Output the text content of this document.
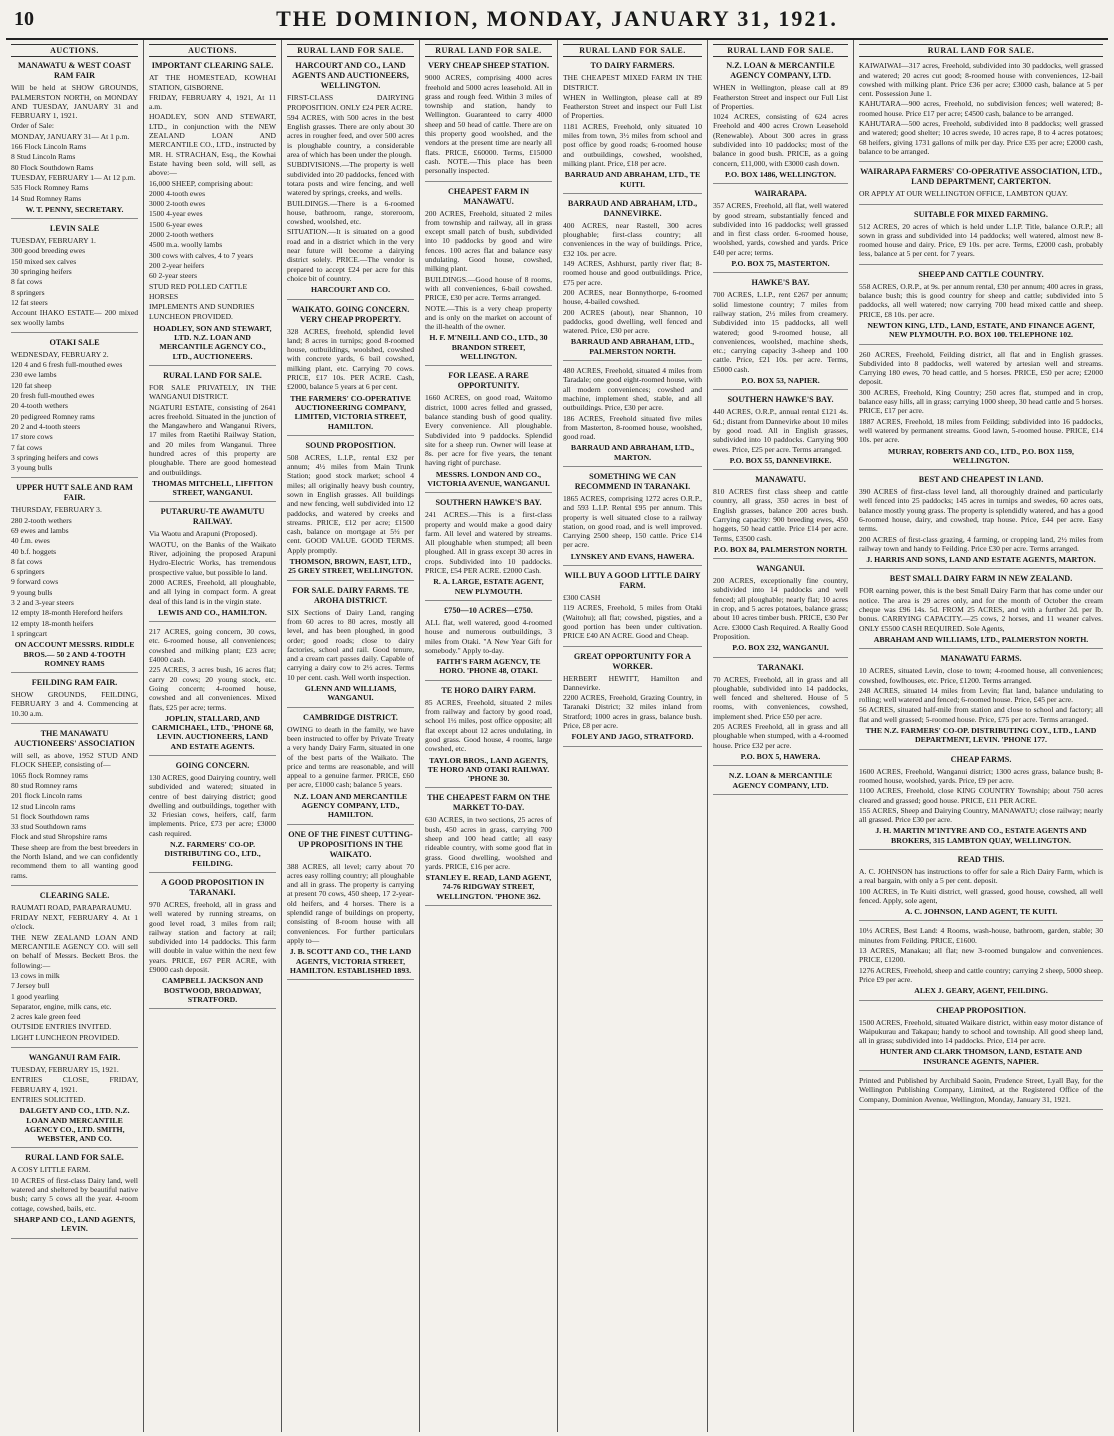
10	THE DOMINION, MONDAY, JANUARY 31, 1921.
AUCTIONS.
MANAWATU & WEST COAST RAM FAIR

Will be held at SHOW GROUNDS, PALMERSTON NORTH, on MONDAY AND TUESDAY, JANUARY 31 and FEBRUARY 1, 1921.

Order of Sale:

MONDAY, JANUARY 31— At 1 p.m.

166 Flock Lincoln Rams

8 Stud Lincoln Rams

80 Flock Southdown Rams

TUESDAY, FEBRUARY 1— At 12 p.m.

535 Flock Romney Rams

14 Stud Romney Rams

W. T. PENNY, SECRETARY.
LEVIN SALE

TUESDAY, FEBRUARY 1.

300 good breeding ewes

150 mixed sex calves

30 springing heifers

8 fat cows

8 springers

12 fat steers

Account IHAKO ESTATE— 200 mixed sex woolly lambs

OTAKI SALE

WEDNESDAY, FEBRUARY 2.

120 4 and 6 fresh full-mouthed ewes

230 ewe lambs

120 fat sheep

20 fresh full-mouthed ewes

20 4-tooth wethers

20 pedigreed Romney rams

20 2 and 4-tooth steers

17 store cows

7 fat cows

3 springing heifers and cows

3 young bulls

UPPER HUTT SALE AND RAM FAIR.

THURSDAY, FEBRUARY 3.

280 2-tooth wethers

69 ewes and lambs

40 f.m. ewes

40 b.f. hoggets

8 fat cows

6 springers

9 forward cows

9 young bulls

3 2 and 3-year steers

12 empty 18-month Hereford heifers

12 empty 18-month heifers

1 springcart

ON ACCOUNT MESSRS. RIDDLE BROS.— 50 2 AND 4-TOOTH ROMNEY RAMS
FEILDING RAM FAIR.

SHOW GROUNDS, FEILDING, FEBRUARY 3 and 4. Commencing at 10.30 a.m.

THE MANAWATU AUCTIONEERS' ASSOCIATION

will sell, as above, 1952 STUD AND FLOCK SHEEP, consisting of—

1065 flock Romney rams

80 stud Romney rams

201 flock Lincoln rams

12 stud Lincoln rams

51 flock Southdown rams

33 stud Southdown rams

Flock and stud Shropshire rams

These sheep are from the best breeders in the North Island, and we can confidently recommend them to all wanting good rams.

CLEARING SALE.

RAUMATI ROAD, PARAPARAUMU.

FRIDAY NEXT, FEBRUARY 4. At 1 o'clock.

THE NEW ZEALAND LOAN AND MERCANTILE AGENCY CO. will sell on behalf of Messrs. Beckett Bros. the following:—

13 cows in milk

7 Jersey bull

1 good yearling

Separator, engine, milk cans, etc.

2 acres kale green feed

OUTSIDE ENTRIES INVITED.

LIGHT LUNCHEON PROVIDED.

WANGANUI RAM FAIR.

TUESDAY, FEBRUARY 15, 1921.

ENTRIES CLOSE, FRIDAY, FEBRUARY 4, 1921.

ENTRIES SOLICITED.

DALGETY AND CO., LTD. N.Z. LOAN AND MERCANTILE AGENCY CO., LTD. SMITH, WEBSTER, AND CO.
RURAL LAND FOR SALE.

A COSY LITTLE FARM.

10 ACRES of first-class Dairy land, well watered and sheltered by beautiful native bush; carry 5 cows all the year. 4-room cottage, cowshed, bails, etc.

SHARP AND CO., LAND AGENTS, LEVIN.
AUCTIONS.
IMPORTANT CLEARING SALE.

AT THE HOMESTEAD, KOWHAI STATION, GISBORNE.

FRIDAY, FEBRUARY 4, 1921, At 11 a.m.

HOADLEY, SON AND STEWART, LTD., in conjunction with the NEW ZEALAND LOAN AND MERCANTILE CO., LTD., instructed by MR. H. STRACHAN, Esq., the Kowhai Estate having been sold, will sell, as above:—

16,000 SHEEP, comprising about:

2000 4-tooth ewes

3000 2-tooth ewes

1500 4-year ewes

1500 6-year ewes

2000 2-tooth wethers

4500 m.a. woolly lambs

300 cows with calves, 4 to 7 years

200 2-year heifers

60 2-year steers

STUD RED POLLED CATTLE

HORSES

IMPLEMENTS AND SUNDRIES

LUNCHEON PROVIDED.

HOADLEY, SON AND STEWART, LTD. N.Z. LOAN AND MERCANTILE AGENCY CO., LTD., AUCTIONEERS.
RURAL LAND FOR SALE.

FOR SALE PRIVATELY, IN THE WANGANUI DISTRICT.

NGATURI ESTATE, consisting of 2641 acres freehold. Situated in the junction of the Mangawhero and Wanganui Rivers, 17 miles from Raetihi Railway Station, and 20 miles from Wanganui. Three hundred acres of this property are ploughable. There are good homestead and outbuildings.

THOMAS MITCHELL, LIFFITON STREET, WANGANUI.
PUTARURU-TE AWAMUTU RAILWAY.

Via Waotu and Arapuni (Proposed).

WAOTU, on the Banks of the Waikato River, adjoining the proposed Arapuni Hydro-Electric Works, has tremendous prospective value, but possible lo land.

2000 ACRES, Freehold, all ploughable, and all lying in compact form. A great deal of this land is in the virgin state.

LEWIS AND CO., HAMILTON.

217 ACRES, going concern, 30 cows, etc. 6-roomed house, all conveniences; cowshed and milking plant; £23 acre; £4000 cash.

225 ACRES, 3 acres bush, 16 acres flat; carry 20 cows; 20 young stock, etc. Going concern; 4-roomed house, cowshed and all conveniences. Mixed flats, £25 per acre; terms.

JOPLIN, STALLARD, AND CARMICHAEL, LTD., 'PHONE 68, LEVIN. AUCTIONEERS, LAND AND ESTATE AGENTS.
GOING CONCERN.

130 ACRES, good Dairying country, well subdivided and watered; situated in centre of best dairying district; good dwelling and outbuildings, together with 32 Friesian cows, heifers, calf, farm implements. Price, £73 per acre; £3000 cash required.

N.Z. FARMERS' CO-OP. DISTRIBUTING CO., LTD., FEILDING.
A GOOD PROPOSITION IN TARANAKI.

970 ACRES, freehold, all in grass and well watered by running streams, on good level road, 3 miles from rail; railway station and factory at rail; subdivided into 14 paddocks. This farm will double in value within the next few years. PRICE, £67 PER ACRE, with £9000 cash deposit.

CAMPBELL JACKSON AND BOSTWOOD, BROADWAY, STRATFORD.
RURAL LAND FOR SALE.
HARCOURT AND CO., LAND AGENTS AND AUCTIONEERS, WELLINGTON.

FIRST-CLASS DAIRYING PROPOSITION. ONLY £24 PER ACRE.

594 ACRES, with 500 acres in the best English grasses. There are only about 30 acres in rougher feed, and over 500 acres is ploughable country, a considerable area of which has been under the plough.

SUBDIVISIONS.—The property is well subdivided into 20 paddocks, fenced with totara posts and wire fencing, and well watered by springs, creeks, and wells.

BUILDINGS.—There is a 6-roomed house, bathroom, range, storeroom, cowshed, woolshed, etc.

SITUATION.—It is situated on a good road and in a district which in the very near future will become a dairying district solely. PRICE.—The vendor is prepared to accept £24 per acre for this choice bit of country.

HARCOURT AND CO.
WAIKATO. GOING CONCERN. VERY CHEAP PROPERTY.

328 ACRES, freehold, splendid level land; 8 acres in turnips; good 8-roomed house, outbuildings, woolshed, cowshed with concrete yards, 6 bail cowshed, milking plant, etc. Carrying 70 cows. PRICE, £17 10s. PER ACRE. Cash, £2000, balance 5 years at 6 per cent.

THE FARMERS' CO-OPERATIVE AUCTIONEERING COMPANY, LIMITED, VICTORIA STREET, HAMILTON.
SOUND PROPOSITION.

508 ACRES, L.I.P., rental £32 per annum; 4½ miles from Main Trunk Station; good stock market; school 4 miles; all originally heavy bush country, sown in English grasses. All buildings and new fencing, well subdivided into 12 paddocks, and watered by creeks and streams. PRICE, £12 per acre; £1500 cash, balance on mortgage at 5½ per cent. GOOD VALUE. GOOD TERMS. Apply promptly.

THOMSON, BROWN, EAST, LTD., 25 GREY STREET, WELLINGTON.
FOR SALE. DAIRY FARMS. TE AROHA DISTRICT.

SIX Sections of Dairy Land, ranging from 60 acres to 80 acres, mostly all level, and has been ploughed, in good order; good roads; close to dairy factories, school and rail. Good tenure, and a cream cart passes daily. Capable of carrying a dairy cow to 2½ acres. Terms 10 per cent. cash. Well worth inspection.

GLENN AND WILLIAMS, WANGANUI.
CAMBRIDGE DISTRICT.

OWING to death in the family, we have been instructed to offer by Private Treaty a very handy Dairy Farm, situated in one of the best parts of the Waikato. The price and terms are reasonable, and will appeal to a genuine farmer. PRICE, £60 per acre, £1000 cash; balance 5 years.

N.Z. LOAN AND MERCANTILE AGENCY COMPANY, LTD., HAMILTON.
ONE OF THE FINEST CUTTING-UP PROPOSITIONS IN THE WAIKATO.

388 ACRES, all level; carry about 70 acres easy rolling country; all ploughable and all in grass. The property is carrying at present 70 cows, 450 sheep, 17 2-year-old heifers, and 4 horses. There is a splendid range of buildings on property, consisting of 8-room house with all conveniences. For further particulars apply to—

J. B. SCOTT AND CO., THE LAND AGENTS, VICTORIA STREET, HAMILTON. ESTABLISHED 1893.
RURAL LAND FOR SALE.
VERY CHEAP SHEEP STATION.

9000 ACRES, comprising 4000 acres freehold and 5000 acres leasehold. All in grass and rough feed. Within 3 miles of township and station, handy to Wellington. Guaranteed to carry 4000 sheep and 50 head of cattle. There are on this property good woolshed, and the vendors at the present time are nearly all flats. PRICE, £60000. Terms, £15000 cash. NOTE.—This place has been personally inspected.

CHEAPEST FARM IN MANAWATU.

200 ACRES, Freehold, situated 2 miles from township and railway, all in grass except small patch of bush, subdivided into 10 paddocks by good and wire fences. 100 acres flat and balance easy undulating. Good house, cowshed, milking plant.

BUILDINGS.—Good house of 8 rooms, with all conveniences, 6-bail cowshed. PRICE, £30 per acre. Terms arranged.

NOTE.—This is a very cheap property and is only on the market on account of the ill-health of the owner.

H. F. M'NEILL AND CO., LTD., 30 BRANDON STREET, WELLINGTON.
FOR LEASE. A RARE OPPORTUNITY.

1660 ACRES, on good road, Waitomo district, 1000 acres felled and grassed, balance standing bush of good quality. Every convenience. All ploughable. Subdivided into 9 paddocks. Splendid site for a sheep run. Owner will lease at 8s. per acre for five years, the tenant having right of purchase.

MESSRS. LONDON AND CO., VICTORIA AVENUE, WANGANUI.
SOUTHERN HAWKE'S BAY.

241 ACRES.—This is a first-class property and would make a good dairy farm. All level and watered by streams. All ploughable when stumped; all been ploughed. All in grass except 30 acres in crops. Subdivided into 10 paddocks. PRICE, £54 PER ACRE. £2000 Cash.

R. A. LARGE, ESTATE AGENT, NEW PLYMOUTH.
£750—10 ACRES—£750.

ALL flat, well watered, good 4-roomed house and numerous outbuildings, 3 miles from Otaki. "A New Year Gift for somebody." Apply to-day.

FAITH'S FARM AGENCY, TE HORO. 'PHONE 48, OTAKI.
TE HORO DAIRY FARM.

85 ACRES, Freehold, situated 2 miles from railway and factory by good road, school 1½ miles, post office opposite; all flat except about 12 acres undulating, in good grass. Good house, 4 rooms, large cowshed, etc.

TAYLOR BROS., LAND AGENTS, TE HORO AND OTAKI RAILWAY. 'PHONE 30.
THE CHEAPEST FARM ON THE MARKET TO-DAY.

630 ACRES, in two sections, 25 acres of bush, 450 acres in grass, carrying 700 sheep and 100 head cattle; all easy rideable country, with some good flat in grass. Good dwelling, woolshed and yards. PRICE, £16 per acre.

STANLEY E. READ, LAND AGENT, 74-76 RIDGWAY STREET, WELLINGTON. 'PHONE 362.
RURAL LAND FOR SALE.
TO DAIRY FARMERS.

THE CHEAPEST MIXED FARM IN THE DISTRICT.

WHEN in Wellington, please call at 89 Featherston Street and inspect our Full List of Properties.

1181 ACRES, Freehold, only situated 10 miles from town, 3½ miles from school and post office by good roads; 6-roomed house and outbuildings, cowshed, woolshed, milking plant. Price, £18 per acre.

BARRAUD AND ABRAHAM, LTD., TE KUITI.
BARRAUD AND ABRAHAM, LTD., DANNEVIRKE.

400 ACRES, near Rastell, 300 acres ploughable; first-class country; all conveniences in the way of buildings. Price, £32 10s. per acre.

149 ACRES, Ashhurst, partly river flat; 8-roomed house and good outbuildings. Price, £75 per acre.

200 ACRES, near Bonnythorpe, 6-roomed house, 4-bailed cowshed.

200 ACRES (about), near Shannon, 10 paddocks, good dwelling, well fenced and watered. Price, £30 per acre.

BARRAUD AND ABRAHAM, LTD., PALMERSTON NORTH.

480 ACRES, Freehold, situated 4 miles from Taradale; one good eight-roomed house, with all modern conveniences; cowshed and machine, implement shed, stable, and all outbuildings. Price, £30 per acre.

186 ACRES, Freehold situated five miles from Masterton, 8-roomed house, woolshed, good road.

BARRAUD AND ABRAHAM, LTD., MARTON.
SOMETHING WE CAN RECOMMEND IN TARANAKI.

1865 ACRES, comprising 1272 acres O.R.P., and 593 L.I.P. Rental £95 per annum. This property is well situated close to a railway station, on good road, and is well improved. Carrying 2500 sheep, 150 cattle. Price £14 per acre.

LYNSKEY AND EVANS, HAWERA.
WILL BUY A GOOD LITTLE DAIRY FARM.

£300 CASH

119 ACRES, Freehold, 5 miles from Otaki (Waitohu); all flat; cowshed, pigsties, and a good portion has been under cultivation. PRICE £40 AN ACRE. Good and Cheap.

GREAT OPPORTUNITY FOR A WORKER.

HERBERT HEWITT, Hamilton and Dannevirke.

2200 ACRES, Freehold, Grazing Country, in Taranaki District; 32 miles inland from Stratford; 1000 acres in grass, balance bush. Price, £8 per acre.

FOLEY AND JAGO, STRATFORD.
RURAL LAND FOR SALE.
N.Z. LOAN & MERCANTILE AGENCY COMPANY, LTD.

WHEN in Wellington, please call at 89 Featherston Street and inspect our Full List of Properties.

1024 ACRES, consisting of 624 acres Freehold and 400 acres Crown Leasehold (Renewable). About 300 acres in grass subdivided into 10 paddocks; most of the balance in good bush. PRICE, as a going concern, £11,000, with £3000 cash down.

P.O. BOX 1486, WELLINGTON.
WAIRARAPA.

357 ACRES, Freehold, all flat, well watered by good stream, substantially fenced and subdivided into 16 paddocks; well grassed and in first class order. 6-roomed house, woolshed, yards, cowshed and yards. Price £40 per acre; terms.

P.O. BOX 75, MASTERTON.
HAWKE'S BAY.

700 ACRES, L.I.P., rent £267 per annum; solid limestone country; 7 miles from railway station, 2½ miles from creamery. Subdivided into 15 paddocks, all well watered; good 9-roomed house, all conveniences, woolshed, machine sheds, etc.; carrying capacity 3-sheep and 100 cattle. Price, £21 10s. per acre. Terms, £5000 cash.

P.O. BOX 53, NAPIER.
SOUTHERN HAWKE'S BAY.

440 ACRES, O.R.P., annual rental £121 4s. 6d.; distant from Dannevirke about 10 miles by good road. All in English grasses, subdivided into 10 paddocks. Carrying 900 ewes. Price, £25 per acre. Terms arranged.

P.O. BOX 55, DANNEVIRKE.
MANAWATU.

810 ACRES first class sheep and cattle country, all grass, 350 acres in best of English grasses, balance 200 acres bush. Carrying capacity: 900 breeding ewes, 450 hoggets, 50 head cattle. Price £14 per acre. Terms, £3500 cash.

P.O. BOX 84, PALMERSTON NORTH.
WANGANUI.

200 ACRES, exceptionally fine country, subdivided into 14 paddocks and well fenced; all ploughable; nearly flat; 10 acres in crop, and 5 acres potatoes, balance grass; about 10 acres timber bush. PRICE, £30 Per Acre. £3000 Cash Required. A Really Good Proposition.

P.O. BOX 232, WANGANUI.
TARANAKI.

70 ACRES, Freehold, all in grass and all ploughable, subdivided into 14 paddocks, well fenced and sheltered. House of 5 rooms, with conveniences, cowshed, implement shed. Price £50 per acre.

205 ACRES Freehold, all in grass and all ploughable when stumped, with a 4-roomed house. Price £32 per acre.

P.O. BOX 5, HAWERA.
N.Z. LOAN & MERCANTILE AGENCY COMPANY, LTD.
RURAL LAND FOR SALE.

KAIWAIWAI—317 acres, Freehold, subdivided into 30 paddocks, well grassed and watered; 20 acres cut good; 8-roomed house with conveniences, 12-bail cowshed with milking plant. Price £36 per acre; £3000 cash, balance at 5 per cent. Possession June 1.

KAHUTARA—900 acres, Freehold, no subdivision fences; well watered; 8-roomed house. Price £17 per acre; £4500 cash, balance to be arranged.

KAHUTARA—500 acres, Freehold, subdivided into 8 paddocks; well grassed and watered; good shelter; 10 acres swede, 10 acres rape, 8 to 4 acres potatoes; 68 heifers, giving 1731 gallons of milk per day. Price £35 per acre; £2000 cash, balance to be arranged.

WAIRARAPA FARMERS' CO-OPERATIVE ASSOCIATION, LTD., LAND DEPARTMENT, CARTERTON.

OR APPLY AT OUR WELLINGTON OFFICE, LAMBTON QUAY.

SUITABLE FOR MIXED FARMING.

512 ACRES, 20 acres of which is held under L.I.P. Title, balance O.R.P.; all sown in grass and subdivided into 14 paddocks; well watered, almost new 8-roomed house and dairy. Price, £9 10s. per acre. Terms, £2000 cash, probably less, balance at 5 per cent. for 7 years.

SHEEP AND CATTLE COUNTRY.

558 ACRES, O.R.P., at 9s. per annum rental, £30 per annum; 400 acres in grass, balance bush; this is good country for sheep and cattle; subdivided into 5 paddocks, all well watered; now carrying 700 head mixed cattle and sheep. PRICE, £8 10s. per acre.

NEWTON KING, LTD., LAND, ESTATE, AND FINANCE AGENT, NEW PLYMOUTH. P.O. BOX 100. TELEPHONE 102.

260 ACRES, Freehold, Feilding district, all flat and in English grasses. Subdivided into 8 paddocks, well watered by artesian well and streams. Carrying 180 ewes, 70 head cattle, and 5 horses. PRICE, £50 per acre; £2000 deposit.

300 ACRES, Freehold, King Country; 250 acres flat, stumped and in crop, balance easy hills, all in grass; carrying 1000 sheep, 30 head cattle and 5 horses. PRICE, £17 per acre.

1887 ACRES, Freehold, 18 miles from Feilding; subdivided into 16 paddocks, well watered by permanent streams. Good lawn, 5-roomed house. PRICE, £14 10s. per acre.

MURRAY, ROBERTS AND CO., LTD., P.O. BOX 1159, WELLINGTON.
BEST AND CHEAPEST IN LAND.

390 ACRES of first-class level land, all thoroughly drained and particularly well fenced into 25 paddocks; 145 acres in turnips and swedes, 60 acres oats, balance mostly young grass. The property is splendidly watered, and has a good 6-roomed house, dairy, and cowshed, trap house. Price, £44 per acre. Easy terms.

200 ACRES of first-class grazing, 4 farming, or cropping land, 2½ miles from railway town and handy to Feilding. Price £30 per acre. Terms arranged.

J. HARRIS AND SONS, LAND AND ESTATE AGENTS, MARTON.
BEST SMALL DAIRY FARM IN NEW ZEALAND.

FOR earning power, this is the best Small Dairy Farm that has come under our notice. The area is 29 acres only, and for the month of October the cream cheque was £96 14s. 5d. FROM 25 ACRES, and with a further 2d. per lb. bonus. CARRYING CAPACITY.—25 cows, 2 horses, and 11 weaner calves. ONLY £5500 CASH REQUIRED. Sole Agents,

ABRAHAM AND WILLIAMS, LTD., PALMERSTON NORTH.
MANAWATU FARMS.

10 ACRES, situated Levin, close to town; 4-roomed house, all conveniences; cowshed, fowlhouses, etc. Price, £1200. Terms arranged.

248 ACRES, situated 14 miles from Levin; flat land, balance undulating to rolling; well watered and fenced; 6-roomed house. Price, £45 per acre.

56 ACRES, situated half-mile from station and close to school and factory; all flat and well grassed; 5-roomed house. Price, £75 per acre. Terms arranged.

THE N.Z. FARMERS' CO-OP. DISTRIBUTING COY., LTD., LAND DEPARTMENT, LEVIN. 'PHONE 177.
CHEAP FARMS.

1600 ACRES, Freehold, Wanganui district; 1300 acres grass, balance bush; 8-roomed house, woolshed, yards. Price, £9 per acre.

1100 ACRES, Freehold, close KING COUNTRY Township; about 750 acres cleared and grassed; good house. PRICE, £11 PER ACRE.

155 ACRES, Sheep and Dairying Country, MANAWATU; close railway; nearly all grassed. Price £30 per acre.

J. H. MARTIN M'INTYRE AND CO., ESTATE AGENTS AND BROKERS, 315 LAMBTON QUAY, WELLINGTON.
READ THIS.

A. C. JOHNSON has instructions to offer for sale a Rich Dairy Farm, which is a real bargain, with only a 5 per cent. deposit.

100 ACRES, in Te Kuiti district, well grassed, good house, cowshed, all well fenced. Apply, sole agent,

A. C. JOHNSON, LAND AGENT, TE KUITI.

10½ ACRES, Best Land: 4 Rooms, wash-house, bathroom, garden, stable; 30 minutes from Feilding. PRICE, £1600.

13 ACRES, Manakau; all flat; new 3-roomed bungalow and conveniences. PRICE, £1200.

1276 ACRES, Freehold, sheep and cattle country; carrying 2 sheep, 5000 sheep. Price £9 per acre.

ALEX J. GEARY, AGENT, FEILDING.
CHEAP PROPOSITION.

1500 ACRES, Freehold, situated Waikare district, within easy motor distance of Waipukurau and Takapau; handy to school and township. All good sheep land, all in grass; subdivided into 14 paddocks. Price, £14 per acre.

HUNTER AND CLARK THOMSON, LAND, ESTATE AND INSURANCE AGENTS, NAPIER.

Printed and Published by Archibald Saoin, Prudence Street, Lyall Bay, for the Wellington Publishing Company, Limited, at the Registered Office of the Company, Dominion Avenue, Wellington, Monday, January 31, 1921.
